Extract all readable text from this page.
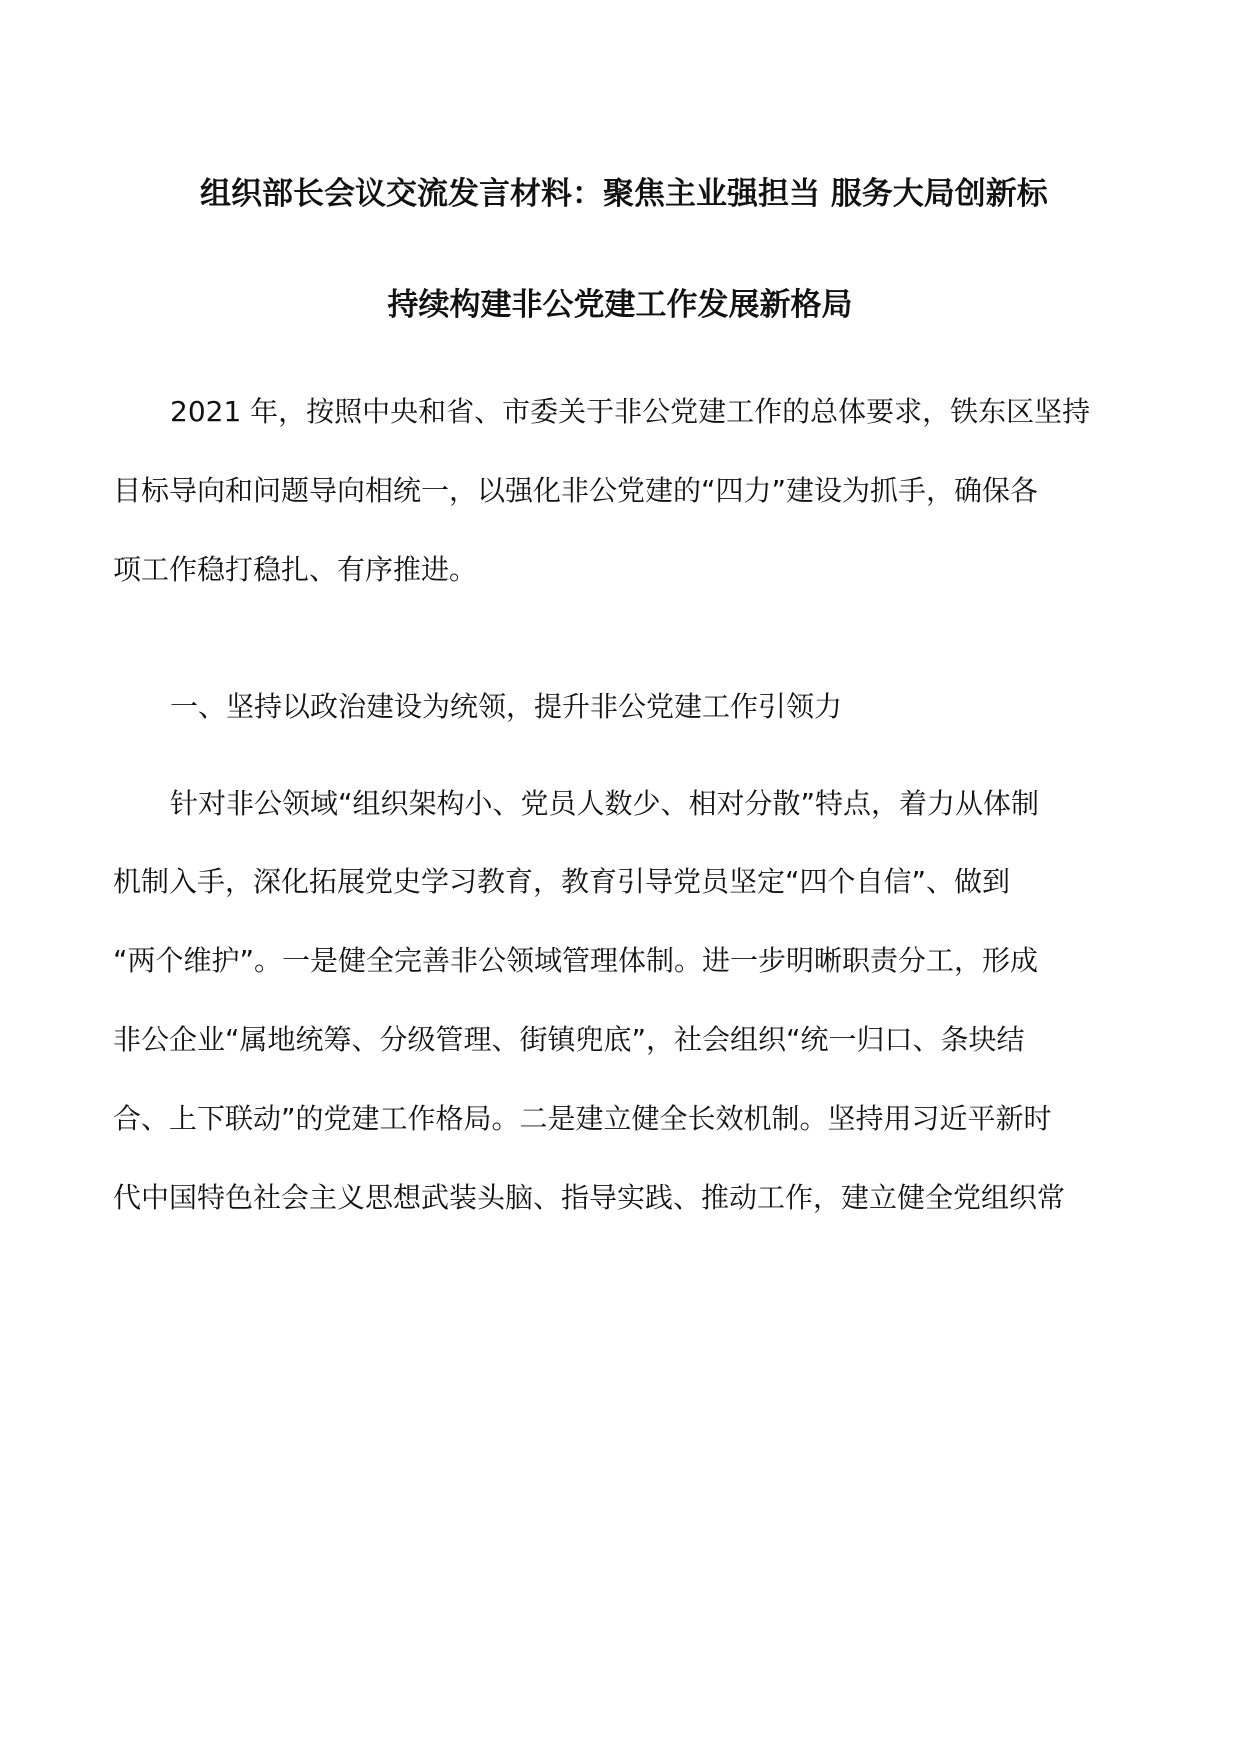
组织部长会议交流发言材料：聚焦主业强担当 服务大局创新标
持续构建非公党建工作发展新格局
2021 年，按照中央和省、市委关于非公党建工作的总体要求，铁东区坚持
目标导向和问题导向相统一，以强化非公党建的“四力”建设为抓手，确保各
项工作稳打稳扎、有序推进。
一、坚持以政治建设为统领，提升非公党建工作引领力
针对非公领域“组织架构小、党员人数少、相对分散”特点，着力从体制
机制入手，深化拓展党史学习教育，教育引导党员坚定“四个自信”、做到
“两个维护”。一是健全完善非公领域管理体制。进一步明晰职责分工，形成
非公企业“属地统筹、分级管理、街镇兜底”，社会组织“统一归口、条块结
合、上下联动”的党建工作格局。二是建立健全长效机制。坚持用习近平新时
代中国特色社会主义思想武装头脑、指导实践、推动工作，建立健全党组织常
